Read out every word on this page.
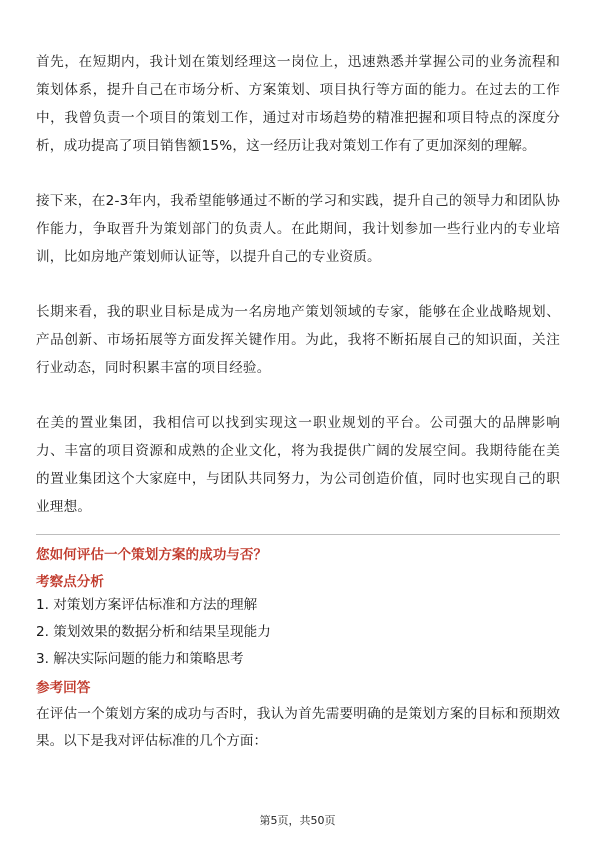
首先，在短期内，我计划在策划经理这一岗位上，迅速熟悉并掌握公司的业务流程和策划体系，提升自己在市场分析、方案策划、项目执行等方面的能力。在过去的工作中，我曾负责一个项目的策划工作，通过对市场趋势的精准把握和项目特点的深度分析，成功提高了项目销售额15%，这一经历让我对策划工作有了更加深刻的理解。

接下来，在2-3年内，我希望能够通过不断的学习和实践，提升自己的领导力和团队协作能力，争取晋升为策划部门的负责人。在此期间，我计划参加一些行业内的专业培训，比如房地产策划师认证等，以提升自己的专业资质。

长期来看，我的职业目标是成为一名房地产策划领域的专家，能够在企业战略规划、产品创新、市场拓展等方面发挥关键作用。为此，我将不断拓展自己的知识面，关注行业动态，同时积累丰富的项目经验。

在美的置业集团，我相信可以找到实现这一职业规划的平台。公司强大的品牌影响力、丰富的项目资源和成熟的企业文化，将为我提供广阔的发展空间。我期待能在美的置业集团这个大家庭中，与团队共同努力，为公司创造价值，同时也实现自己的职业理想。

您如何评估一个策划方案的成功与否？
考察点分析
1. 对策划方案评估标准和方法的理解
2. 策划效果的数据分析和结果呈现能力
3. 解决实际问题的能力和策略思考
参考回答

在评估一个策划方案的成功与否时，我认为首先需要明确的是策划方案的目标和预期效果。以下是我对评估标准的几个方面：

第5页，共50页
